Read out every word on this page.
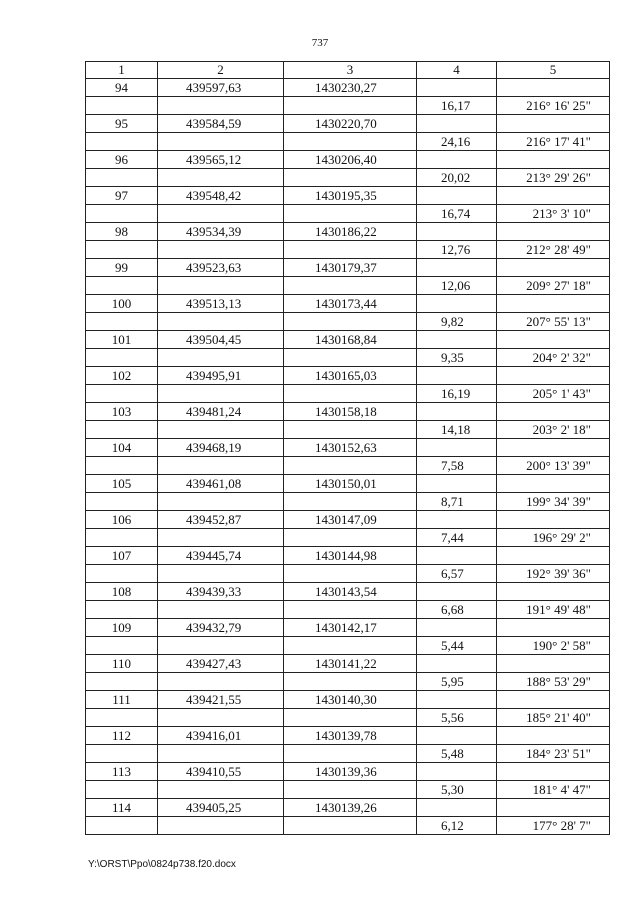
737
1	2	3	4	5
94	439597,63	1430230,27		
			16,17	216° 16' 25"
95	439584,59	1430220,70		
			24,16	216° 17' 41"
96	439565,12	1430206,40		
			20,02	213° 29' 26"
97	439548,42	1430195,35		
			16,74	213° 3' 10"
98	439534,39	1430186,22		
			12,76	212° 28' 49"
99	439523,63	1430179,37		
			12,06	209° 27' 18"
100	439513,13	1430173,44		
			9,82	207° 55' 13"
101	439504,45	1430168,84		
			9,35	204° 2' 32"
102	439495,91	1430165,03		
			16,19	205° 1' 43"
103	439481,24	1430158,18		
			14,18	203° 2' 18"
104	439468,19	1430152,63		
			7,58	200° 13' 39"
105	439461,08	1430150,01		
			8,71	199° 34' 39"
106	439452,87	1430147,09		
			7,44	196° 29' 2"
107	439445,74	1430144,98		
			6,57	192° 39' 36"
108	439439,33	1430143,54		
			6,68	191° 49' 48"
109	439432,79	1430142,17		
			5,44	190° 2' 58"
110	439427,43	1430141,22		
			5,95	188° 53' 29"
111	439421,55	1430140,30		
			5,56	185° 21' 40"
112	439416,01	1430139,78		
			5,48	184° 23' 51"
113	439410,55	1430139,36		
			5,30	181° 4' 47"
114	439405,25	1430139,26		
			6,12	177° 28' 7"
Y:\ORST\Ppo\0824p738.f20.docx
